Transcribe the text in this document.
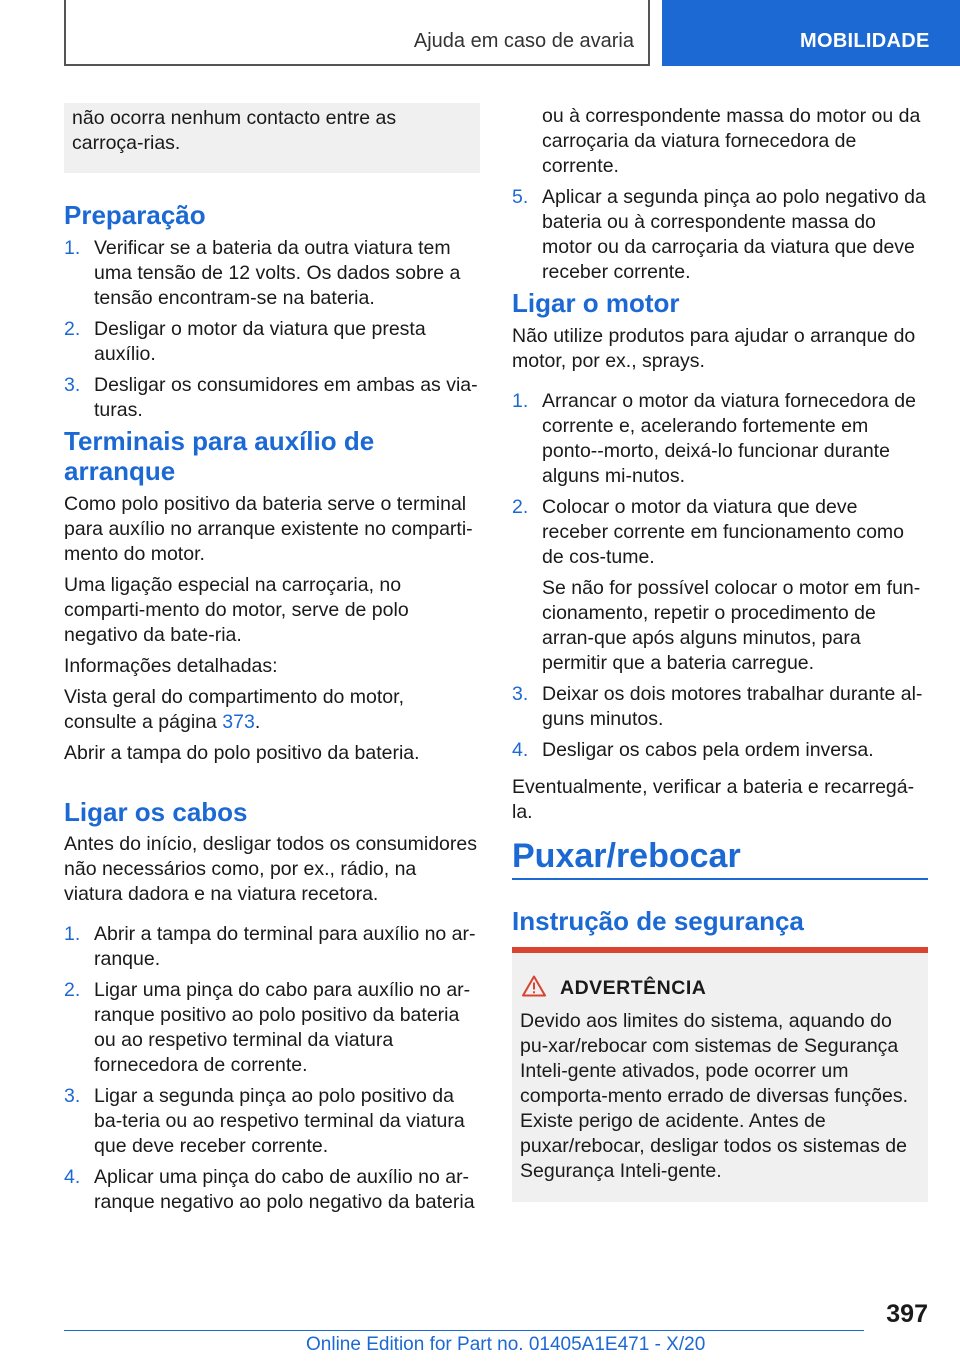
Ajuda em caso de avaria	MOBILIDADE

não ocorra nenhum contacto entre as carroça-rias.

Preparação
1. Verificar se a bateria da outra viatura tem uma tensão de 12 volts. Os dados sobre a tensão encontram-se na bateria.
2. Desligar o motor da viatura que presta auxílio.
3. Desligar os consumidores em ambas as via-turas.
Terminais para auxílio de arranque

Como polo positivo da bateria serve o terminal para auxílio no arranque existente no comparti-mento do motor.

Uma ligação especial na carroçaria, no comparti-mento do motor, serve de polo negativo da bate-ria.

Informações detalhadas:

Vista geral do compartimento do motor, consulte a página 373.

Abrir a tampa do polo positivo da bateria.

Ligar os cabos

Antes do início, desligar todos os consumidores não necessários como, por ex., rádio, na viatura dadora e na viatura recetora.

1. Abrir a tampa do terminal para auxílio no ar-ranque.
2. Ligar uma pinça do cabo para auxílio no ar-ranque positivo ao polo positivo da bateria ou ao respetivo terminal da viatura fornecedora de corrente.
3. Ligar a segunda pinça ao polo positivo da ba-teria ou ao respetivo terminal da viatura que deve receber corrente.
4. Aplicar uma pinça do cabo de auxílio no ar-ranque negativo ao polo negativo da bateria
ou à correspondente massa do motor ou da carroçaria da viatura fornecedora de corrente.
5. Aplicar a segunda pinça ao polo negativo da bateria ou à correspondente massa do motor ou da carroçaria da viatura que deve receber corrente.
Ligar o motor

Não utilize produtos para ajudar o arranque do motor, por ex., sprays.

1. Arrancar o motor da viatura fornecedora de corrente e, acelerando fortemente em ponto--morto, deixá-lo funcionar durante alguns mi-nutos.
2. Colocar o motor da viatura que deve receber corrente em funcionamento como de cos-tume.
Se não for possível colocar o motor em fun-cionamento, repetir o procedimento de arran-que após alguns minutos, para permitir que a bateria carregue.
3. Deixar os dois motores trabalhar durante al-guns minutos.
4. Desligar os cabos pela ordem inversa.

Eventualmente, verificar a bateria e recarregá-la.

Puxar/rebocar
Instrução de segurança
ADVERTÊNCIA

Devido aos limites do sistema, aquando do pu-xar/rebocar com sistemas de Segurança Inteli-gente ativados, pode ocorrer um comporta-mento errado de diversas funções. Existe perigo de acidente. Antes de puxar/rebocar, desligar todos os sistemas de Segurança Inteli-gente.

397
Online Edition for Part no. 01405A1E471 - X/20
